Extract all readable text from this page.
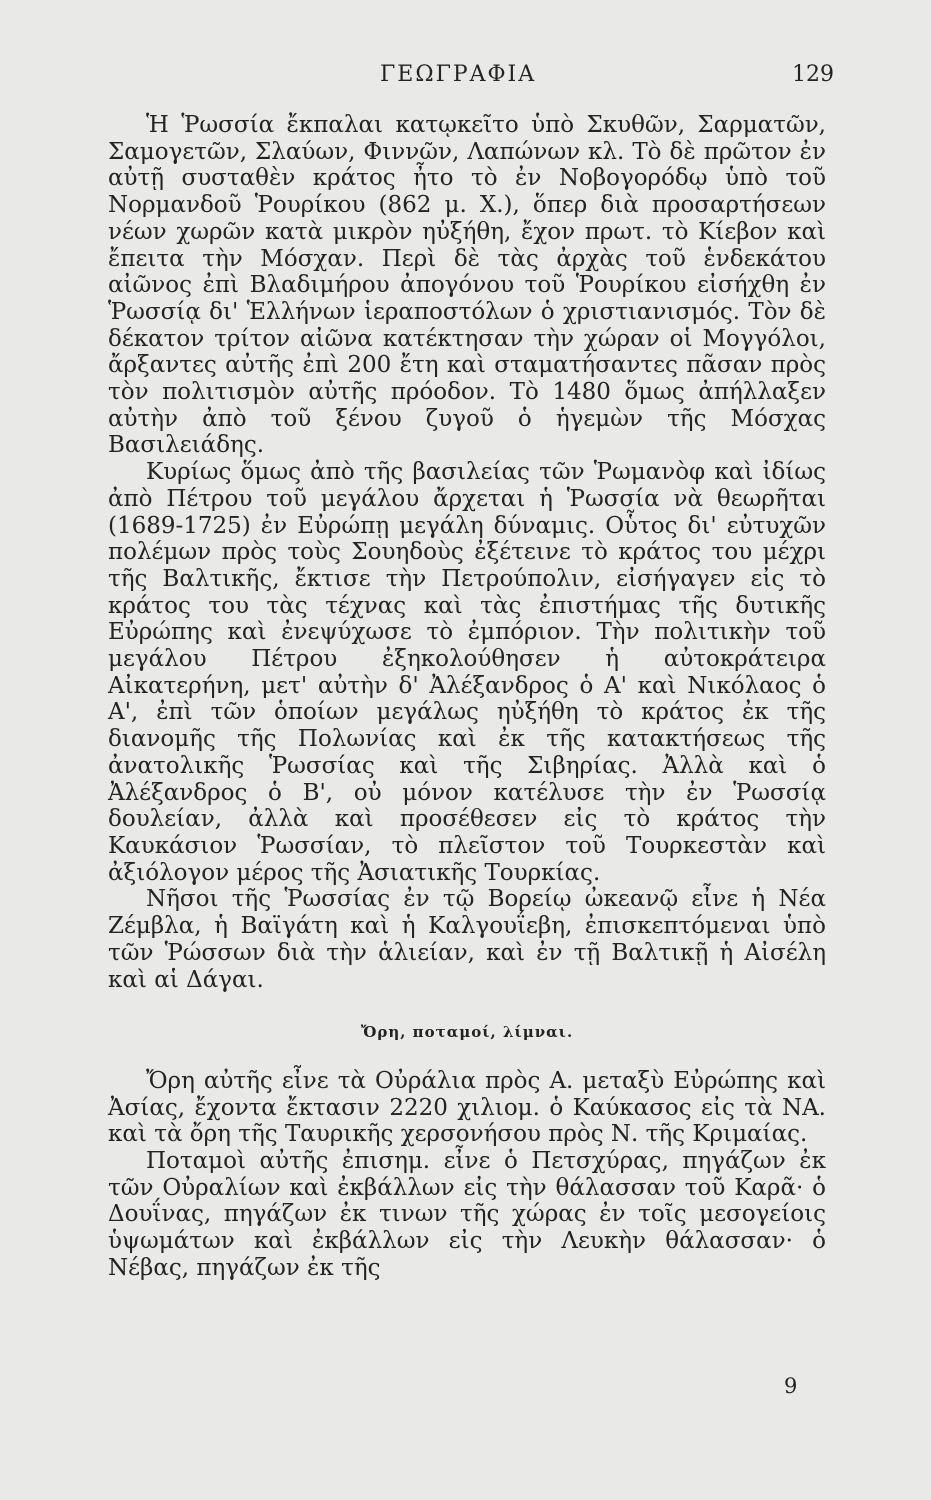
ΓΕΩΓΡΑΦΙΑ	129

Ἡ Ῥωσσία ἔκπαλαι κατῳκεῖτο ὑπὸ Σκυθῶν, Σαρματῶν, Σαμογετῶν, Σλαύων, Φιννῶν, Λαπώνων κλ. Τὸ δὲ πρῶτον ἐν αὐτῇ συσταθὲν κράτος ἦτο τὸ ἐν Νοβογορόδῳ ὑπὸ τοῦ Νορμανδοῦ Ῥουρίκου (862 μ. Χ.), ὅπερ διὰ προσαρτήσεων νέων χωρῶν κατὰ μικρὸν ηὐξήθη, ἔχον πρωτ. τὸ Κίεβον καὶ ἔπειτα τὴν Μόσχαν. Περὶ δὲ τὰς ἀρχὰς τοῦ ἑνδεκάτου αἰῶνος ἐπὶ Βλαδιμήρου ἀπογόνου τοῦ Ῥουρίκου εἰσήχθη ἐν Ῥωσσίᾳ δι' Ἑλλήνων ἱεραποστόλων ὁ χριστιανισμός. Τὸν δὲ δέκατον τρίτον αἰῶνα κατέκτησαν τὴν χώραν οἱ Μογγόλοι, ἄρξαντες αὐτῆς ἐπὶ 200 ἔτη καὶ σταματήσαντες πᾶσαν πρὸς τὸν πολιτισμὸν αὐτῆς πρόοδον. Τὸ 1480 ὅμως ἀπήλλαξεν αὐτὴν ἀπὸ τοῦ ξένου ζυγοῦ ὁ ἡγεμὼν τῆς Μόσχας Βασιλειάδης.

Κυρίως ὅμως ἀπὸ τῆς βασιλείας τῶν Ῥωμανὸφ καὶ ἰδίως ἀπὸ Πέτρου τοῦ μεγάλου ἄρχεται ἡ Ῥωσσία νὰ θεωρῆται (1689-1725) ἐν Εὐρώπῃ μεγάλη δύναμις. Οὗτος δι' εὐτυχῶν πολέμων πρὸς τοὺς Σουηδοὺς ἐξέτεινε τὸ κράτος του μέχρι τῆς Βαλτικῆς, ἔκτισε τὴν Πετρούπολιν, εἰσήγαγεν εἰς τὸ κράτος του τὰς τέχνας καὶ τὰς ἐπιστήμας τῆς δυτικῆς Εὐρώπης καὶ ἐνεψύχωσε τὸ ἐμπόριον. Τὴν πολιτικὴν τοῦ μεγάλου Πέτρου ἐξηκολούθησεν ἡ αὐτοκράτειρα Αἰκατερήνη, μετ' αὐτὴν δ' Ἀλέξανδρος ὁ Α' καὶ Νικόλαος ὁ Α', ἐπὶ τῶν ὁποίων μεγάλως ηὐξήθη τὸ κράτος ἐκ τῆς διανομῆς τῆς Πολωνίας καὶ ἐκ τῆς κατακτήσεως τῆς ἀνατολικῆς Ῥωσσίας καὶ τῆς Σιβηρίας. Ἀλλὰ καὶ ὁ Ἀλέξανδρος ὁ Β', οὐ μόνον κατέλυσε τὴν ἐν Ῥωσσίᾳ δουλείαν, ἀλλὰ καὶ προσέθεσεν εἰς τὸ κράτος τὴν Καυκάσιον Ῥωσσίαν, τὸ πλεῖστον τοῦ Τουρκεστὰν καὶ ἀξιόλογον μέρος τῆς Ἀσιατικῆς Τουρκίας.

Νῆσοι τῆς Ῥωσσίας ἐν τῷ Βορείῳ ὠκεανῷ εἶνε ἡ Νέα Ζέμβλα, ἡ Βαϊγάτη καὶ ἡ Καλγουΐεβη, ἐπισκεπτόμεναι ὑπὸ τῶν Ῥώσσων διὰ τὴν ἁλιείαν, καὶ ἐν τῇ Βαλτικῇ ἡ Αἰσέλη καὶ αἱ Δάγαι.

Ὄρη, ποταμοί, λίμναι.

Ὄρη αὐτῆς εἶνε τὰ Οὐράλια πρὸς Α. μεταξὺ Εὐρώπης καὶ Ἀσίας, ἔχοντα ἔκτασιν 2220 χιλιομ. ὁ Καύκασος εἰς τὰ ΝΑ. καὶ τὰ ὄρη τῆς Ταυρικῆς χερσονήσου πρὸς Ν. τῆς Κριμαίας.

Ποταμοὶ αὐτῆς ἐπισημ. εἶνε ὁ Πετσχύρας, πηγάζων ἐκ τῶν Οὐραλίων καὶ ἐκβάλλων εἰς τὴν θάλασσαν τοῦ Καρᾶ· ὁ Δουΐνας, πηγάζων ἐκ τινων τῆς χώρας ἐν τοῖς μεσογείοις ὑψωμάτων καὶ ἐκβάλλων εἰς τὴν Λευκὴν θάλασσαν· ὁ Νέβας, πηγάζων ἐκ τῆς

9
